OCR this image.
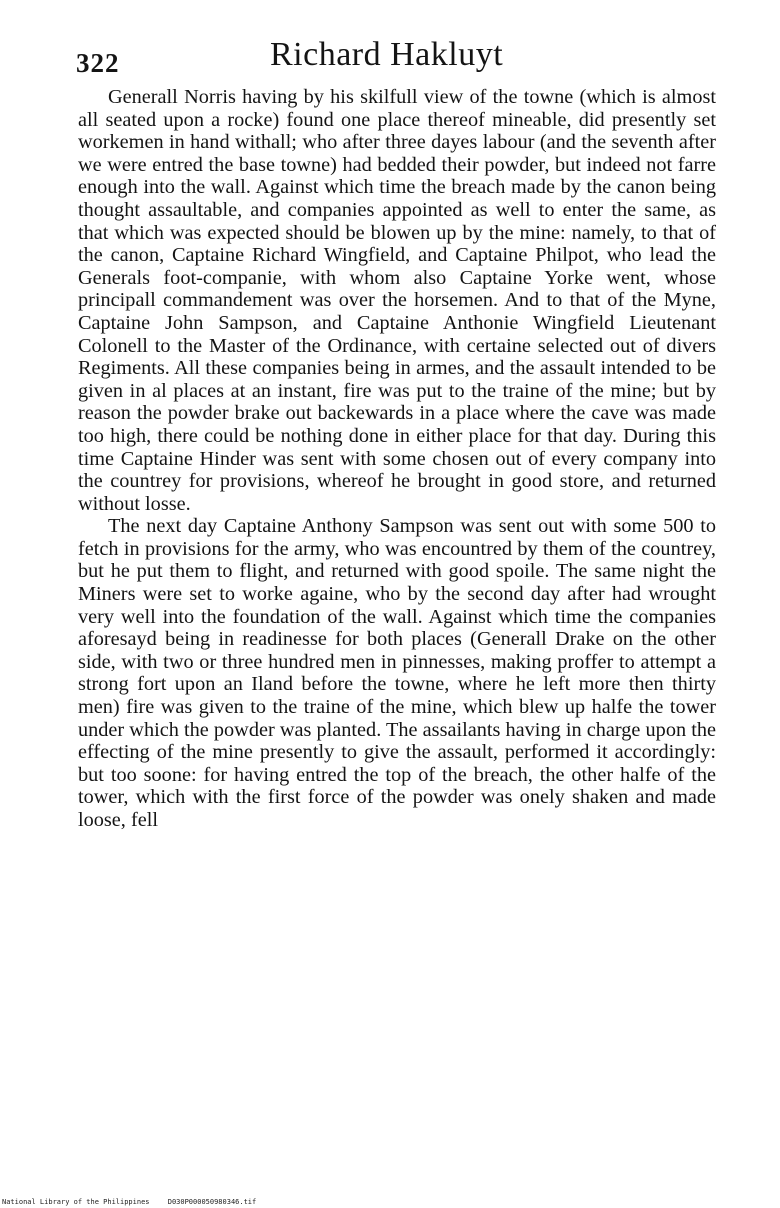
322	Richard Hakluyt

Generall Norris having by his skilfull view of the towne (which is almost all seated upon a rocke) found one place thereof mineable, did presently set workemen in hand withall; who after three dayes labour (and the seventh after we were entred the base towne) had bedded their powder, but indeed not farre enough into the wall. Against which time the breach made by the canon being thought assaultable, and companies appointed as well to enter the same, as that which was expected should be blowen up by the mine: namely, to that of the canon, Captaine Richard Wingfield, and Captaine Philpot, who lead the Generals foot-companie, with whom also Captaine Yorke went, whose principall commandement was over the horsemen. And to that of the Myne, Captaine John Sampson, and Captaine Anthonie Wingfield Lieutenant Colonell to the Master of the Ordinance, with certaine selected out of divers Regiments. All these companies being in armes, and the assault intended to be given in al places at an instant, fire was put to the traine of the mine; but by reason the powder brake out backewards in a place where the cave was made too high, there could be nothing done in either place for that day. During this time Captaine Hinder was sent with some chosen out of every company into the countrey for provisions, whereof he brought in good store, and returned without losse.

The next day Captaine Anthony Sampson was sent out with some 500 to fetch in provisions for the army, who was encountred by them of the countrey, but he put them to flight, and returned with good spoile. The same night the Miners were set to worke againe, who by the second day after had wrought very well into the foundation of the wall. Against which time the companies aforesayd being in readinesse for both places (Generall Drake on the other side, with two or three hundred men in pinnesses, making proffer to attempt a strong fort upon an Iland before the towne, where he left more then thirty men) fire was given to the traine of the mine, which blew up halfe the tower under which the powder was planted. The assailants having in charge upon the effecting of the mine presently to give the assault, performed it accordingly: but too soone: for having entred the top of the breach, the other halfe of the tower, which with the first force of the powder was onely shaken and made loose, fell

National Library of the Philippines	D030P000050980346.tif
